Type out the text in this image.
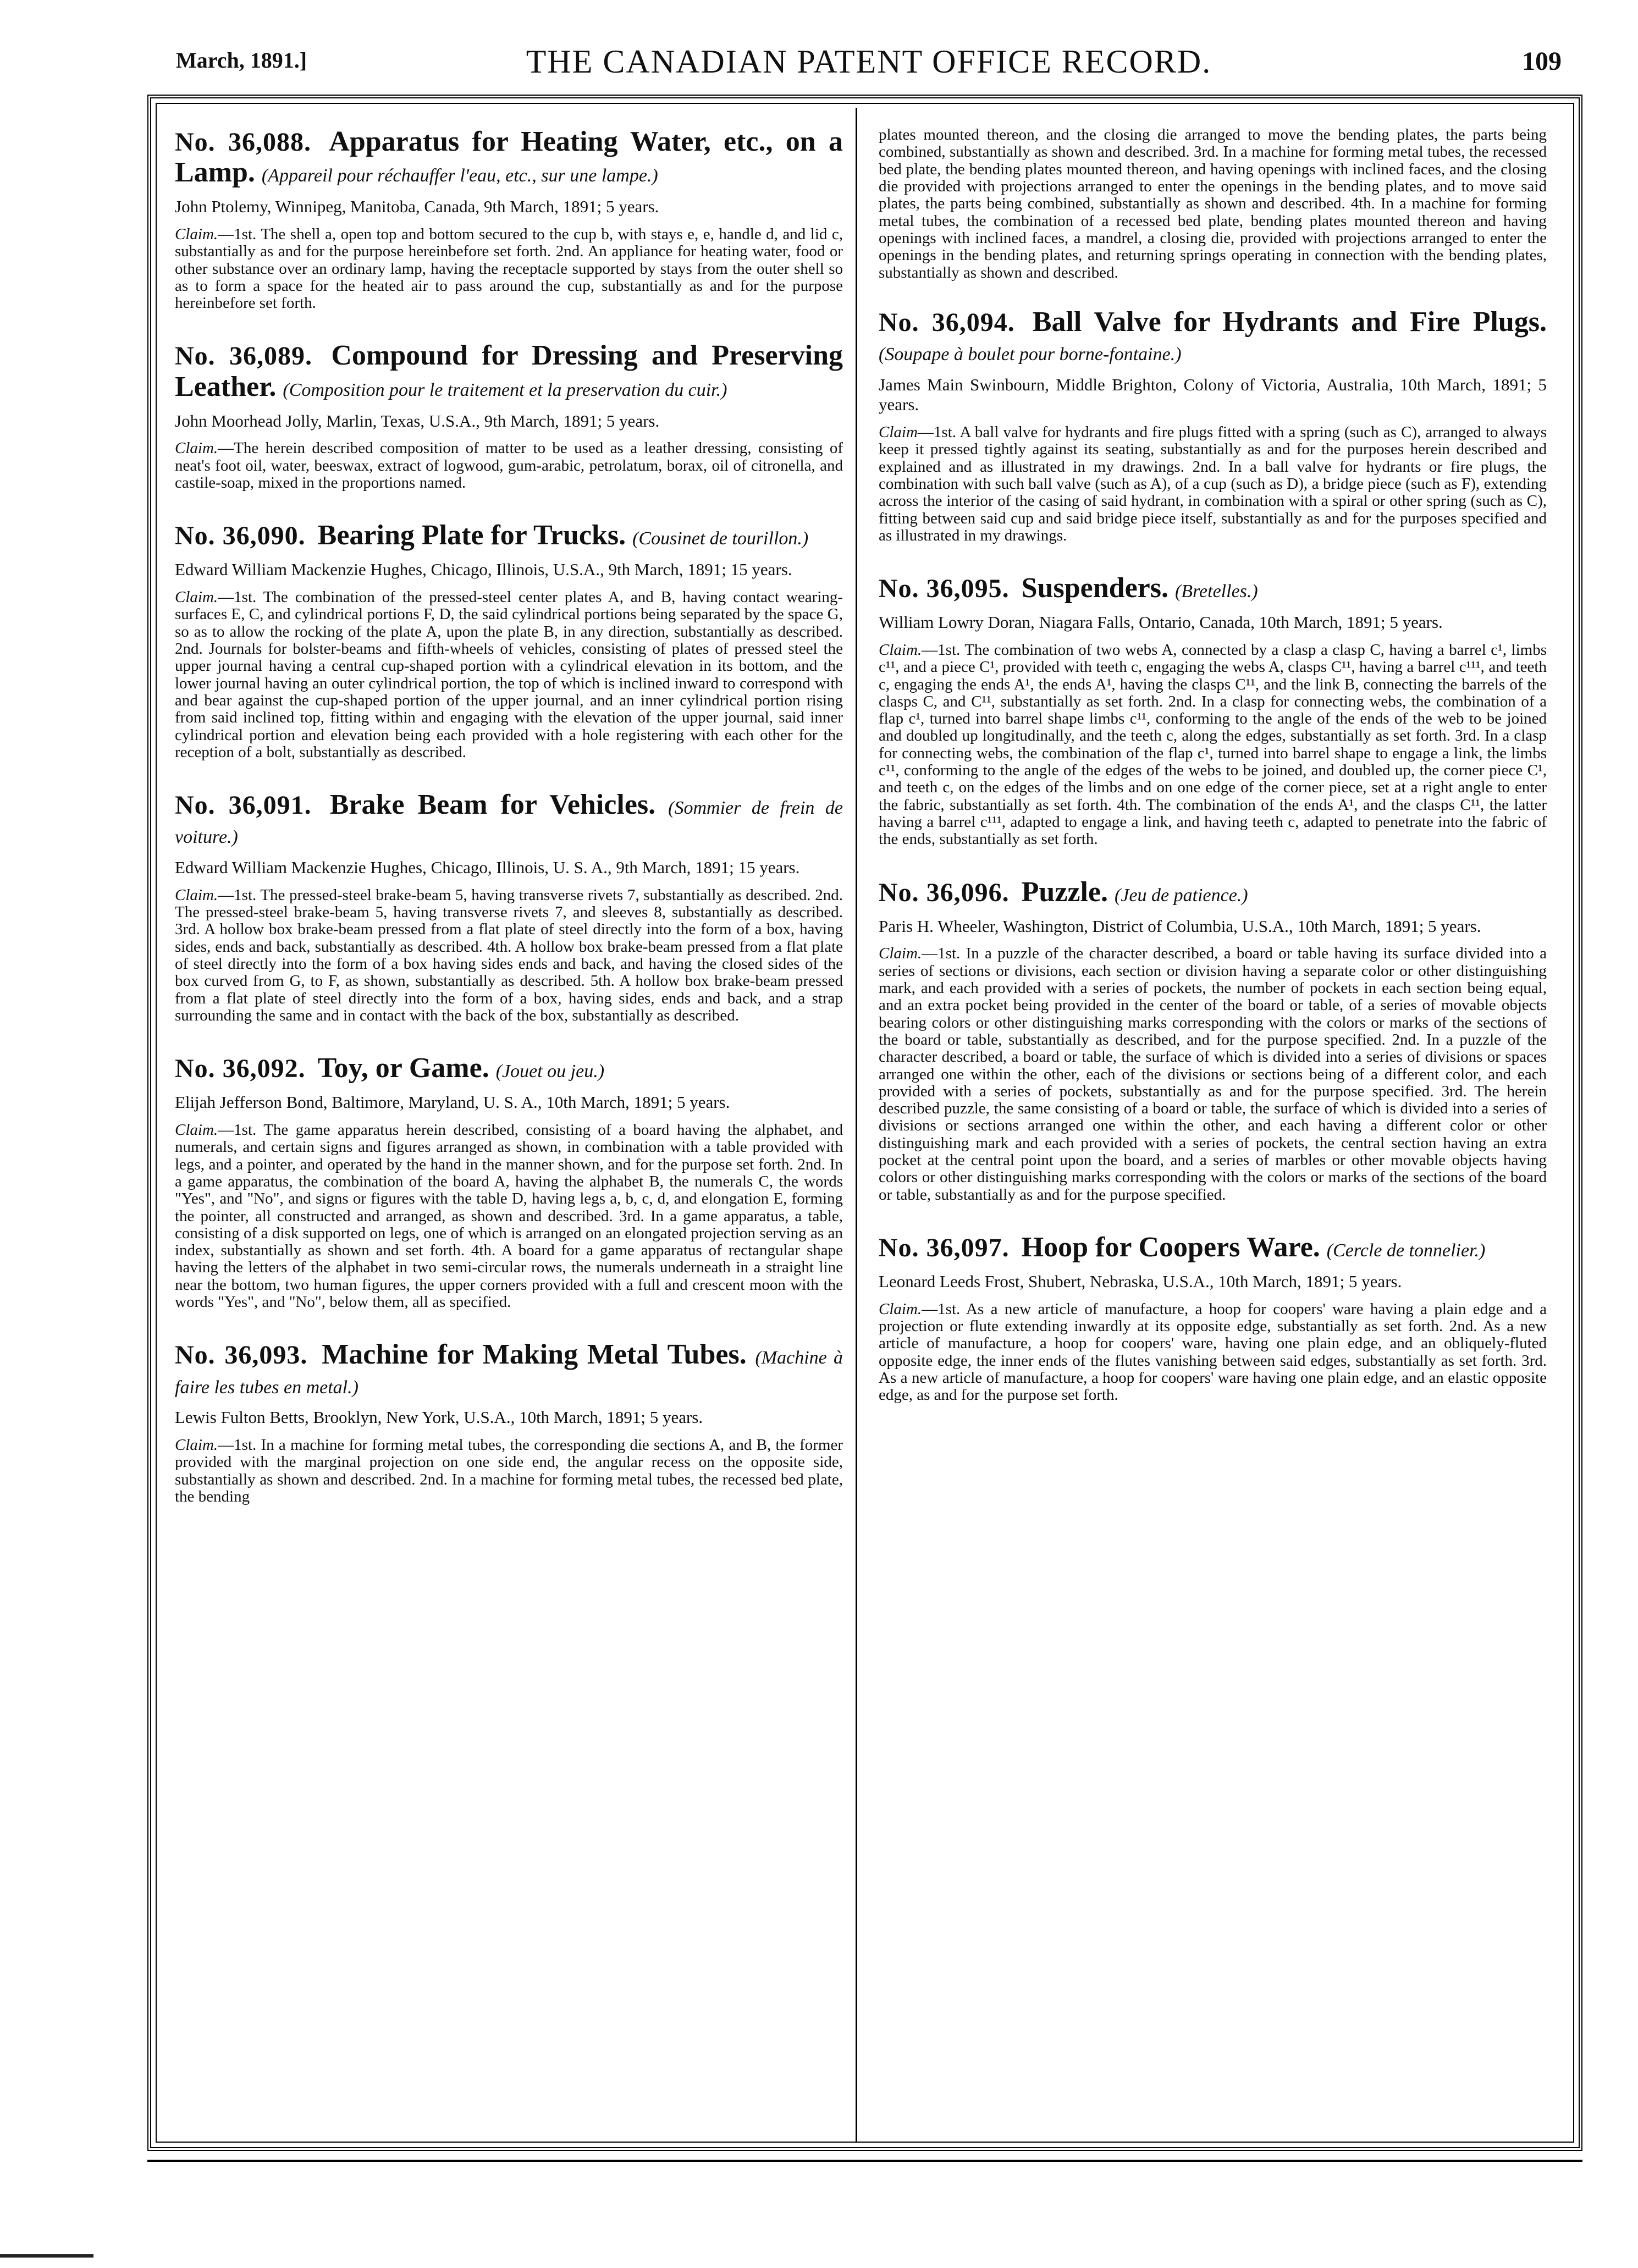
March, 1891.]	THE CANADIAN PATENT OFFICE RECORD.	109
No. 36,088. Apparatus for Heating Water, etc., on a Lamp. (Appareil pour réchauffer l'eau, etc., sur une lampe.)

John Ptolemy, Winnipeg, Manitoba, Canada, 9th March, 1891; 5 years.

Claim.—1st. The shell a, open top and bottom secured to the cup b, with stays e, e, handle d, and lid c, substantially as and for the purpose hereinbefore set forth. 2nd. An appliance for heating water, food or other substance over an ordinary lamp, having the receptacle supported by stays from the outer shell so as to form a space for the heated air to pass around the cup, substantially as and for the purpose hereinbefore set forth.

No. 36,089. Compound for Dressing and Preserving Leather. (Composition pour le traitement et la preservation du cuir.)

John Moorhead Jolly, Marlin, Texas, U.S.A., 9th March, 1891; 5 years.

Claim.—The herein described composition of matter to be used as a leather dressing, consisting of neat's foot oil, water, beeswax, extract of logwood, gum-arabic, petrolatum, borax, oil of citronella, and castile-soap, mixed in the proportions named.

No. 36,090. Bearing Plate for Trucks. (Cousinet de tourillon.)

Edward William Mackenzie Hughes, Chicago, Illinois, U.S.A., 9th March, 1891; 15 years.

Claim.—1st. The combination of the pressed-steel center plates A, and B, having contact wearing-surfaces E, C, and cylindrical portions F, D, the said cylindrical portions being separated by the space G, so as to allow the rocking of the plate A, upon the plate B, in any direction, substantially as described. 2nd. Journals for bolster-beams and fifth-wheels of vehicles, consisting of plates of pressed steel the upper journal having a central cup-shaped portion with a cylindrical elevation in its bottom, and the lower journal having an outer cylindrical portion, the top of which is inclined inward to correspond with and bear against the cup-shaped portion of the upper journal, and an inner cylindrical portion rising from said inclined top, fitting within and engaging with the elevation of the upper journal, said inner cylindrical portion and elevation being each provided with a hole registering with each other for the reception of a bolt, substantially as described.

No. 36,091. Brake Beam for Vehicles. (Sommier de frein de voiture.)

Edward William Mackenzie Hughes, Chicago, Illinois, U. S. A., 9th March, 1891; 15 years.

Claim.—1st. The pressed-steel brake-beam 5, having transverse rivets 7, substantially as described. 2nd. The pressed-steel brake-beam 5, having transverse rivets 7, and sleeves 8, substantially as described. 3rd. A hollow box brake-beam pressed from a flat plate of steel directly into the form of a box, having sides, ends and back, substantially as described. 4th. A hollow box brake-beam pressed from a flat plate of steel directly into the form of a box having sides ends and back, and having the closed sides of the box curved from G, to F, as shown, substantially as described. 5th. A hollow box brake-beam pressed from a flat plate of steel directly into the form of a box, having sides, ends and back, and a strap surrounding the same and in contact with the back of the box, substantially as described.

No. 36,092. Toy, or Game. (Jouet ou jeu.)

Elijah Jefferson Bond, Baltimore, Maryland, U. S. A., 10th March, 1891; 5 years.

Claim.—1st. The game apparatus herein described, consisting of a board having the alphabet, and numerals, and certain signs and figures arranged as shown, in combination with a table provided with legs, and a pointer, and operated by the hand in the manner shown, and for the purpose set forth. 2nd. In a game apparatus, the combination of the board A, having the alphabet B, the numerals C, the words "Yes", and "No", and signs or figures with the table D, having legs a, b, c, d, and elongation E, forming the pointer, all constructed and arranged, as shown and described. 3rd. In a game apparatus, a table, consisting of a disk supported on legs, one of which is arranged on an elongated projection serving as an index, substantially as shown and set forth. 4th. A board for a game apparatus of rectangular shape having the letters of the alphabet in two semi-circular rows, the numerals underneath in a straight line near the bottom, two human figures, the upper corners provided with a full and crescent moon with the words "Yes", and "No", below them, all as specified.

No. 36,093. Machine for Making Metal Tubes. (Machine à faire les tubes en metal.)

Lewis Fulton Betts, Brooklyn, New York, U.S.A., 10th March, 1891; 5 years.

Claim.—1st. In a machine for forming metal tubes, the corresponding die sections A, and B, the former provided with the marginal projection on one side end, the angular recess on the opposite side, substantially as shown and described. 2nd. In a machine for forming metal tubes, the recessed bed plate, the bending

plates mounted thereon, and the closing die arranged to move the bending plates, the parts being combined, substantially as shown and described. 3rd. In a machine for forming metal tubes, the recessed bed plate, the bending plates mounted thereon, and having openings with inclined faces, and the closing die provided with projections arranged to enter the openings in the bending plates, and to move said plates, the parts being combined, substantially as shown and described. 4th. In a machine for forming metal tubes, the combination of a recessed bed plate, bending plates mounted thereon and having openings with inclined faces, a mandrel, a closing die, provided with projections arranged to enter the openings in the bending plates, and returning springs operating in connection with the bending plates, substantially as shown and described.

No. 36,094. Ball Valve for Hydrants and Fire Plugs. (Soupape à boulet pour borne-fontaine.)

James Main Swinbourn, Middle Brighton, Colony of Victoria, Australia, 10th March, 1891; 5 years.

Claim—1st. A ball valve for hydrants and fire plugs fitted with a spring (such as C), arranged to always keep it pressed tightly against its seating, substantially as and for the purposes herein described and explained and as illustrated in my drawings. 2nd. In a ball valve for hydrants or fire plugs, the combination with such ball valve (such as A), of a cup (such as D), a bridge piece (such as F), extending across the interior of the casing of said hydrant, in combination with a spiral or other spring (such as C), fitting between said cup and said bridge piece itself, substantially as and for the purposes specified and as illustrated in my drawings.

No. 36,095. Suspenders. (Bretelles.)

William Lowry Doran, Niagara Falls, Ontario, Canada, 10th March, 1891; 5 years.

Claim.—1st. The combination of two webs A, connected by a clasp a clasp C, having a barrel c¹, limbs c¹¹, and a piece C¹, provided with teeth c, engaging the webs A, clasps C¹¹, having a barrel c¹¹¹, and teeth c, engaging the ends A¹, the ends A¹, having the clasps C¹¹, and the link B, connecting the barrels of the clasps C, and C¹¹, substantially as set forth. 2nd. In a clasp for connecting webs, the combination of a flap c¹, turned into barrel shape limbs c¹¹, conforming to the angle of the ends of the web to be joined and doubled up longitudinally, and the teeth c, along the edges, substantially as set forth. 3rd. In a clasp for connecting webs, the combination of the flap c¹, turned into barrel shape to engage a link, the limbs c¹¹, conforming to the angle of the edges of the webs to be joined, and doubled up, the corner piece C¹, and teeth c, on the edges of the limbs and on one edge of the corner piece, set at a right angle to enter the fabric, substantially as set forth. 4th. The combination of the ends A¹, and the clasps C¹¹, the latter having a barrel c¹¹¹, adapted to engage a link, and having teeth c, adapted to penetrate into the fabric of the ends, substantially as set forth.

No. 36,096. Puzzle. (Jeu de patience.)

Paris H. Wheeler, Washington, District of Columbia, U.S.A., 10th March, 1891; 5 years.

Claim.—1st. In a puzzle of the character described, a board or table having its surface divided into a series of sections or divisions, each section or division having a separate color or other distinguishing mark, and each provided with a series of pockets, the number of pockets in each section being equal, and an extra pocket being provided in the center of the board or table, of a series of movable objects bearing colors or other distinguishing marks corresponding with the colors or marks of the sections of the board or table, substantially as described, and for the purpose specified. 2nd. In a puzzle of the character described, a board or table, the surface of which is divided into a series of divisions or spaces arranged one within the other, each of the divisions or sections being of a different color, and each provided with a series of pockets, substantially as and for the purpose specified. 3rd. The herein described puzzle, the same consisting of a board or table, the surface of which is divided into a series of divisions or sections arranged one within the other, and each having a different color or other distinguishing mark and each provided with a series of pockets, the central section having an extra pocket at the central point upon the board, and a series of marbles or other movable objects having colors or other distinguishing marks corresponding with the colors or marks of the sections of the board or table, substantially as and for the purpose specified.

No. 36,097. Hoop for Coopers Ware. (Cercle de tonnelier.)

Leonard Leeds Frost, Shubert, Nebraska, U.S.A., 10th March, 1891; 5 years.

Claim.—1st. As a new article of manufacture, a hoop for coopers' ware having a plain edge and a projection or flute extending inwardly at its opposite edge, substantially as set forth. 2nd. As a new article of manufacture, a hoop for coopers' ware, having one plain edge, and an obliquely-fluted opposite edge, the inner ends of the flutes vanishing between said edges, substantially as set forth. 3rd. As a new article of manufacture, a hoop for coopers' ware having one plain edge, and an elastic opposite edge, as and for the purpose set forth.
